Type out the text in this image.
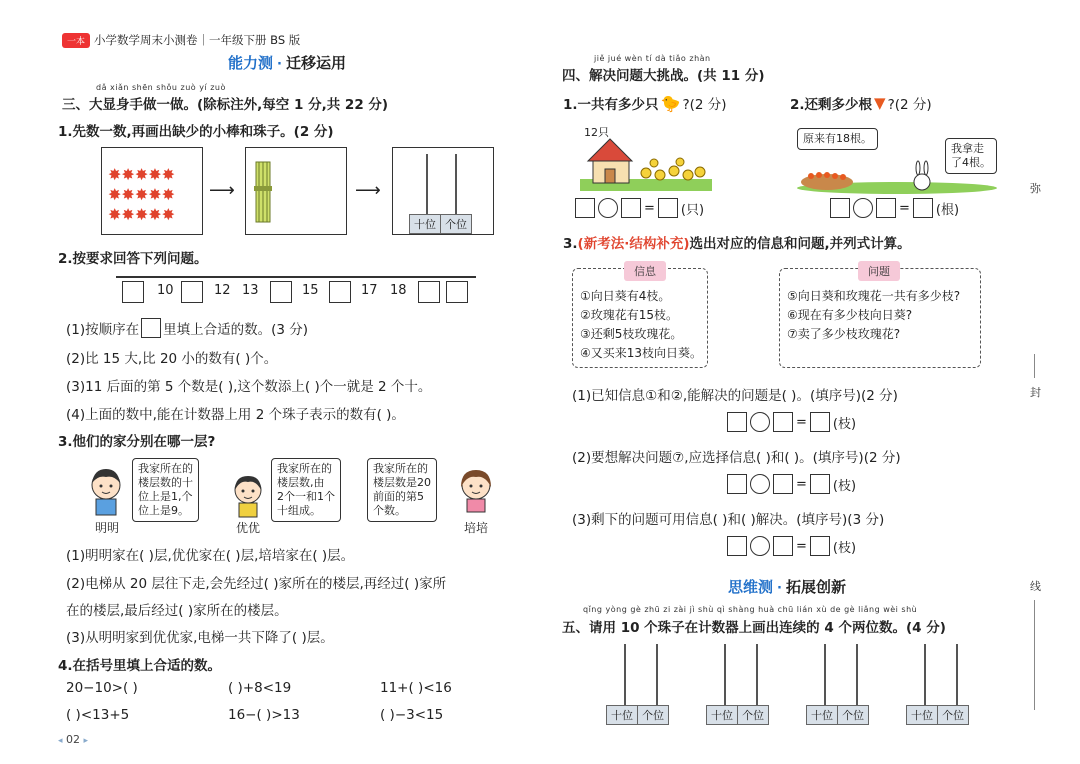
一本 小学数学周末小测卷｜一年级下册 BS 版
能力测 · 迁移运用
dǎ xiǎn shēn shǒu zuò yí zuò
三、大显身手做一做。(除标注外,每空 1 分,共 22 分)
1.先数一数,再画出缺少的小棒和珠子。(2 分)
✸✸✸✸✸
✸✸✸✸✸
✸✸✸✸✸
⟶	⟶
十位 个位
2.按要求回答下列问题。
10	12 13	15	17 18
(1)按顺序在 里填上合适的数。(3 分)
(2)比 15 大,比 20 小的数有( )个。
(3)11 后面的第 5 个数是( ),这个数添上( )个一就是 2 个十。
(4)上面的数中,能在计数器上用 2 个珠子表示的数有( )。
3.他们的家分别在哪一层?
我家所在的
楼层数的十
位上是1,个
位上是9。
明明
我家所在的
楼层数,由
2个一和1个
十组成。
优优
我家所在的
楼层数是20
前面的第5
个数。
培培
(1)明明家在( )层,优优家在( )层,培培家在( )层。
(2)电梯从 20 层往下走,会先经过( )家所在的楼层,再经过( )家所
在的楼层,最后经过( )家所在的楼层。
(3)从明明家到优优家,电梯一共下降了( )层。
4.在括号里填上合适的数。
20−10>( )	( )+8<19	11+( )<16
( )<13+5	16−( )>13	( )−3<15
◂ 02 ▸
jiě jué wèn tí dà tiǎo zhàn
四、解决问题大挑战。(共 11 分)
1.一共有多少只 🐤 ?(2 分)	2.还剩多少根 ▼ ?(2 分)
12只
= (只)
原来有18根。
我拿走
了4根。
= (根)
3.(新考法·结构补充)选出对应的信息和问题,并列式计算。
信息
①向日葵有4枝。
②玫瑰花有15枝。
③还剩5枝玫瑰花。
④又买来13枝向日葵。
问题
⑤向日葵和玫瑰花一共有多少枝?
⑥现在有多少枝向日葵?
⑦卖了多少枝玫瑰花?
(1)已知信息①和②,能解决的问题是( )。(填序号)(2 分)
= (枝)
(2)要想解决问题⑦,应选择信息( )和( )。(填序号)(2 分)
= (枝)
(3)剩下的问题可用信息( )和( )解决。(填序号)(3 分)
= (枝)
思维测 · 拓展创新
qǐng yòng gè zhū zi zài jì shù qì shàng huà chū lián xù de gè liǎng wèi shù
五、请用 10 个珠子在计数器上画出连续的 4 个两位数。(4 分)
十位 个位	十位 个位	十位 个位	十位 个位
弥
封
线
